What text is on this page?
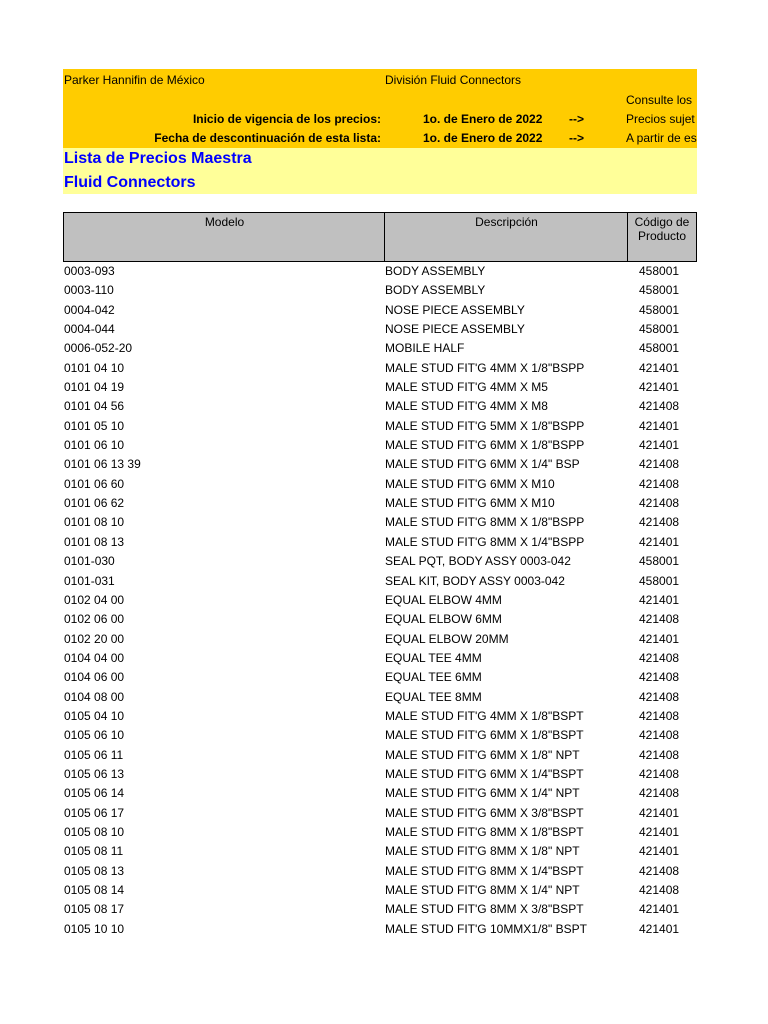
Parker Hannifin de México	División Fluid Connectors
Consulte los
Inicio de vigencia de los precios:	1o. de Enero de 2022 -->	Precios sujet
Fecha de descontinuación de esta lista:	1o. de Enero de 2022 -->	A partir de es
Lista de Precios Maestra
Fluid Connectors
Modelo	Descripción	Código de
Producto
0003-093	BODY ASSEMBLY	458001
0003-110	BODY ASSEMBLY	458001
0004-042	NOSE PIECE ASSEMBLY	458001
0004-044	NOSE PIECE ASSEMBLY	458001
0006-052-20	MOBILE HALF	458001
0101 04 10	MALE STUD FIT'G 4MM X 1/8"BSPP	421401
0101 04 19	MALE STUD FIT'G 4MM X M5	421401
0101 04 56	MALE STUD FIT'G 4MM X M8	421408
0101 05 10	MALE STUD FIT'G 5MM X 1/8"BSPP	421401
0101 06 10	MALE STUD FIT'G 6MM X 1/8"BSPP	421401
0101 06 13 39	MALE STUD FIT'G 6MM X 1/4" BSP	421408
0101 06 60	MALE STUD FIT'G 6MM X M10	421408
0101 06 62	MALE STUD FIT'G 6MM X M10	421408
0101 08 10	MALE STUD FIT'G 8MM X 1/8"BSPP	421408
0101 08 13	MALE STUD FIT'G 8MM X 1/4"BSPP	421401
0101-030	SEAL PQT, BODY ASSY 0003-042	458001
0101-031	SEAL KIT, BODY ASSY 0003-042	458001
0102 04 00	EQUAL ELBOW 4MM	421401
0102 06 00	EQUAL ELBOW 6MM	421408
0102 20 00	EQUAL ELBOW 20MM	421401
0104 04 00	EQUAL TEE 4MM	421408
0104 06 00	EQUAL TEE 6MM	421408
0104 08 00	EQUAL TEE 8MM	421408
0105 04 10	MALE STUD FIT'G 4MM X 1/8"BSPT	421408
0105 06 10	MALE STUD FIT'G 6MM X 1/8"BSPT	421408
0105 06 11	MALE STUD FIT'G 6MM X 1/8" NPT	421408
0105 06 13	MALE STUD FIT'G 6MM X 1/4"BSPT	421408
0105 06 14	MALE STUD FIT'G 6MM X 1/4" NPT	421408
0105 06 17	MALE STUD FIT'G 6MM X 3/8"BSPT	421401
0105 08 10	MALE STUD FIT'G 8MM X 1/8"BSPT	421401
0105 08 11	MALE STUD FIT'G 8MM X 1/8" NPT	421401
0105 08 13	MALE STUD FIT'G 8MM X 1/4"BSPT	421408
0105 08 14	MALE STUD FIT'G 8MM X 1/4" NPT	421408
0105 08 17	MALE STUD FIT'G 8MM X 3/8"BSPT	421401
0105 10 10	MALE STUD FIT'G 10MMX1/8" BSPT	421401
